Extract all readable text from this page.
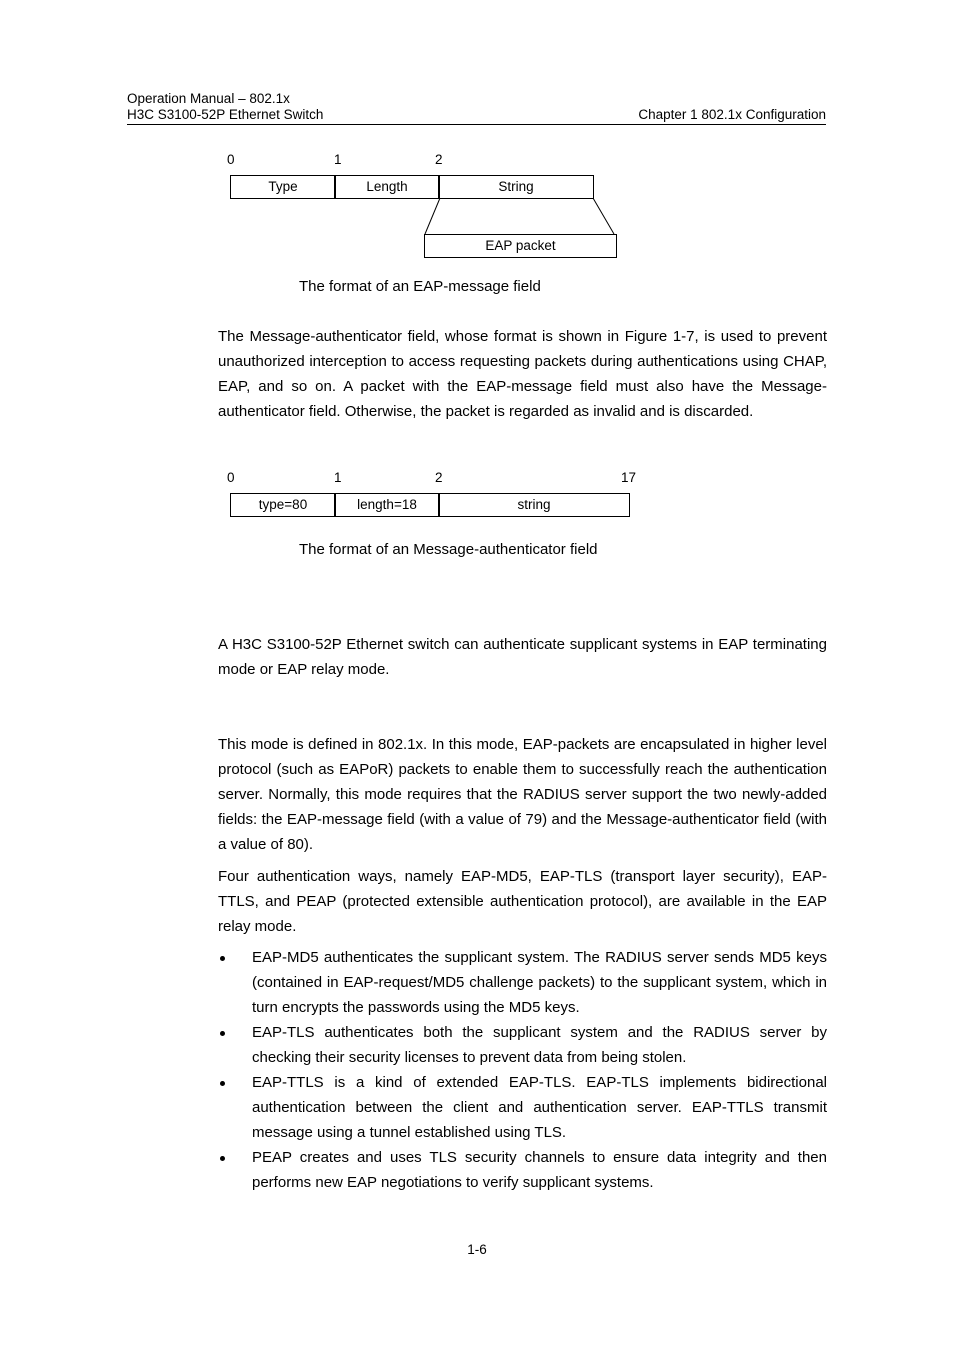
Operation Manual – 802.1x
H3C S3100-52P Ethernet Switch	Chapter 1 802.1x Configuration
0	1	2
Type	Length	String
EAP packet
The format of an EAP-message field

The Message-authenticator field, whose format is shown in Figure 1-7, is used to prevent unauthorized interception to access requesting packets during authentications using CHAP, EAP, and so on. A packet with the EAP-message field must also have the Message-authenticator field. Otherwise, the packet is regarded as invalid and is discarded.

0	1	2	17
type=80	length=18	string
The format of an Message-authenticator field

A H3C S3100-52P Ethernet switch can authenticate supplicant systems in EAP terminating mode or EAP relay mode.

This mode is defined in 802.1x. In this mode, EAP-packets are encapsulated in higher level protocol (such as EAPoR) packets to enable them to successfully reach the authentication server. Normally, this mode requires that the RADIUS server support the two newly-added fields: the EAP-message field (with a value of 79) and the Message-authenticator field (with a value of 80).

Four authentication ways, namely EAP-MD5, EAP-TLS (transport layer security), EAP-TTLS, and PEAP (protected extensible authentication protocol), are available in the EAP relay mode.

EAP-MD5 authenticates the supplicant system. The RADIUS server sends MD5 keys (contained in EAP-request/MD5 challenge packets) to the supplicant system, which in turn encrypts the passwords using the MD5 keys.
EAP-TLS authenticates both the supplicant system and the RADIUS server by checking their security licenses to prevent data from being stolen.
EAP-TTLS is a kind of extended EAP-TLS. EAP-TLS implements bidirectional authentication between the client and authentication server. EAP-TTLS transmit message using a tunnel established using TLS.
PEAP creates and uses TLS security channels to ensure data integrity and then performs new EAP negotiations to verify supplicant systems.
1-6
